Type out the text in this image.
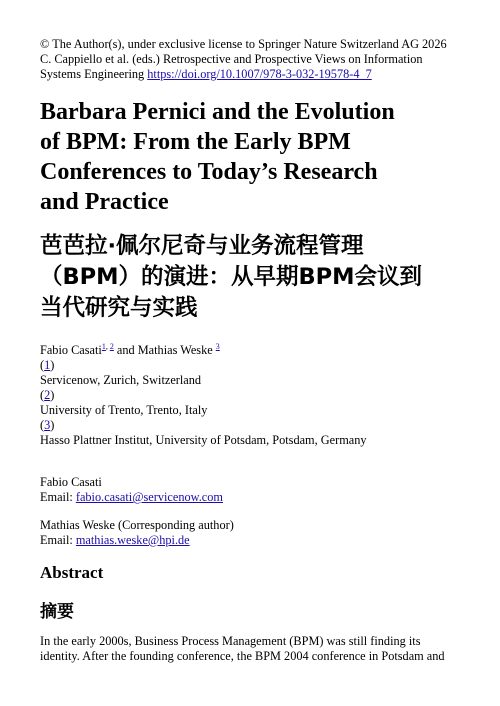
© The Author(s), under exclusive license to Springer Nature Switzerland AG 2026
C. Cappiello et al. (eds.) Retrospective and Prospective Views on Information
Systems Engineering https://doi.org/10.1007/978-3-032-19578-4_7
Barbara Pernici and the Evolution
of BPM: From the Early BPM
Conferences to Today’s Research
and Practice
芭芭拉·佩尔尼奇与业务流程管理
（BPM）的演进：从早期BPM会议到
当代研究与实践
Fabio Casati$^{1,}$ $^2$ and Mathias Weske $^3$
(1)
Servicenow, Zurich, Switzerland
(2)
University of Trento, Trento, Italy
(3)
Hasso Plattner Institut, University of Potsdam, Potsdam, Germany
Fabio Casati
Email: fabio.casati@servicenow.com
Mathias Weske (Corresponding author)
Email: mathias.weske@hpi.de
Abstract
摘要
In the early 2000s, Business Process Management (BPM) was still finding its
identity. After the founding conference, the BPM 2004 conference in Potsdam and
